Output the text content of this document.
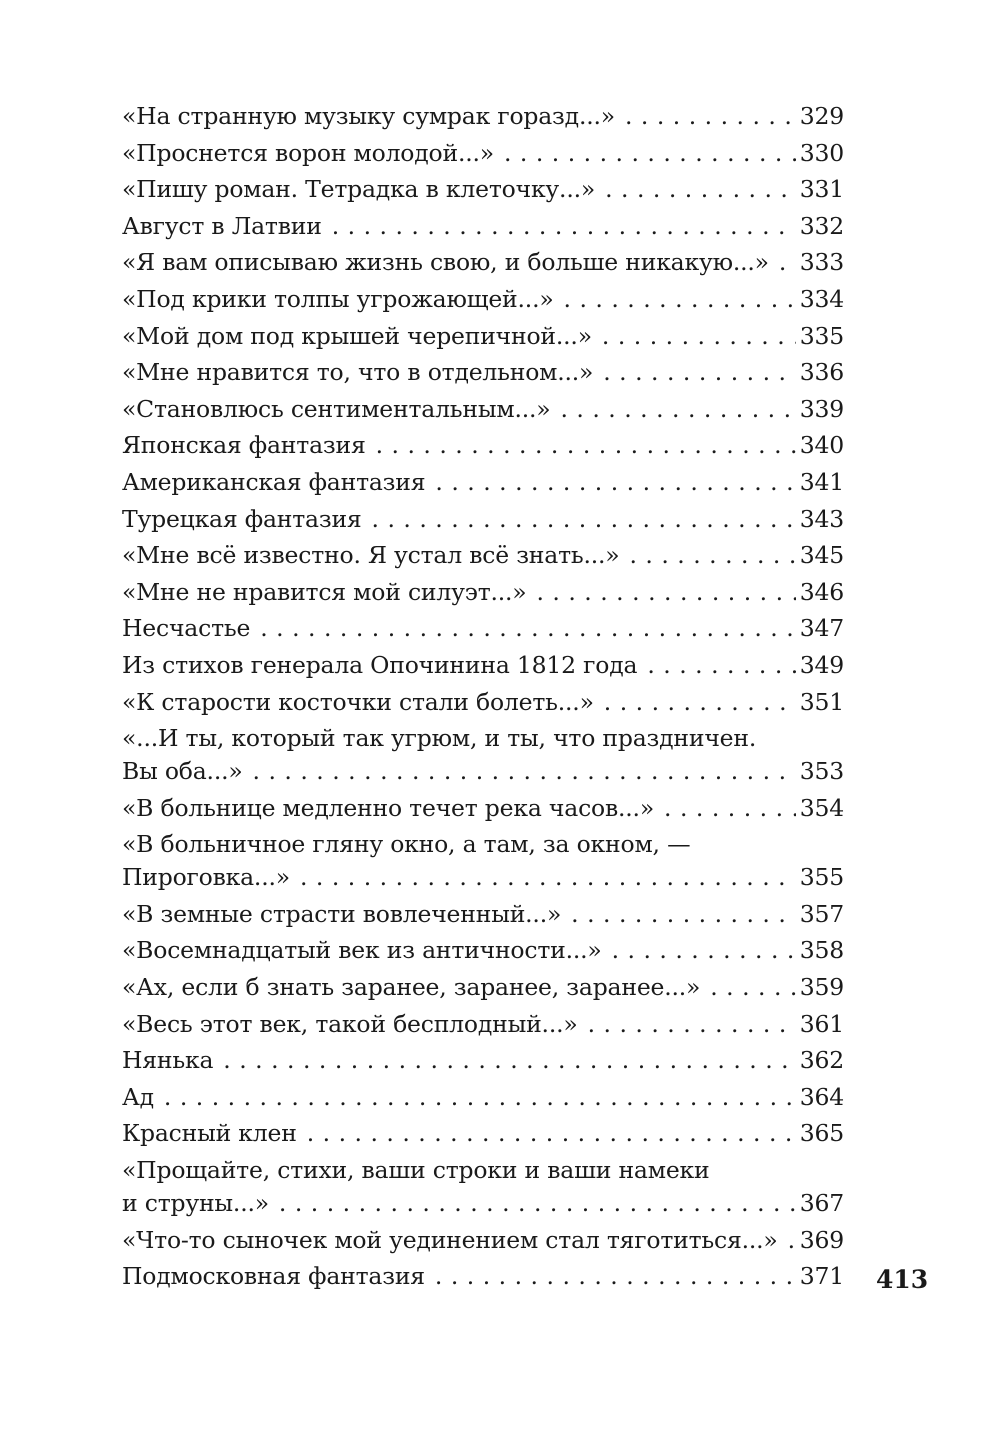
«На странную музыку сумрак горазд...» . . .	329
«Проснется ворон молодой...» . . .	330
«Пишу роман. Тетрадка в клеточку...» . . .	331
Август в Латвии . . .	332
«Я вам описываю жизнь свою, и больше никакую...» . . . 333
«Под крики толпы угрожающей...» . . .	334
«Мой дом под крышей черепичной...» . . .	335
«Мне нравится то, что в отдельном...» . . .	336
«Становлюсь сентиментальным...» . . .	339
Японская фантазия . . .	340
Американская фантазия . . .	341
Турецкая фантазия . . .	343
«Мне всё известно. Я устал всё знать...» . . .	345
«Мне не нравится мой силуэт...» . . .	346
Несчастье . . .	347
Из стихов генерала Опочинина 1812 года . . .	349
«К старости косточки стали болеть...» . . .	351
«...И ты, который так угрюм, и ты, что праздничен.
Вы оба...» . . .	353
«В больнице медленно течет река часов...» . . .	354
«В больничное гляну окно, а там, за окном, —
Пироговка...» . . .	355
«В земные страсти вовлеченный...» . . .	357
«Восемнадцатый век из античности...» . . .	358
«Ах, если б знать заранее, заранее, заранее...» . . .	359
«Весь этот век, такой бесплодный...» . . .	361
Нянька . . .	362
Ад . . .	364
Красный клен . . .	365
«Прощайте, стихи, ваши строки и ваши намеки
и струны...» . . .	367
«Что-то сыночек мой уединением стал тяготиться...» . . . 369
Подмосковная фантазия . . .	371 413
